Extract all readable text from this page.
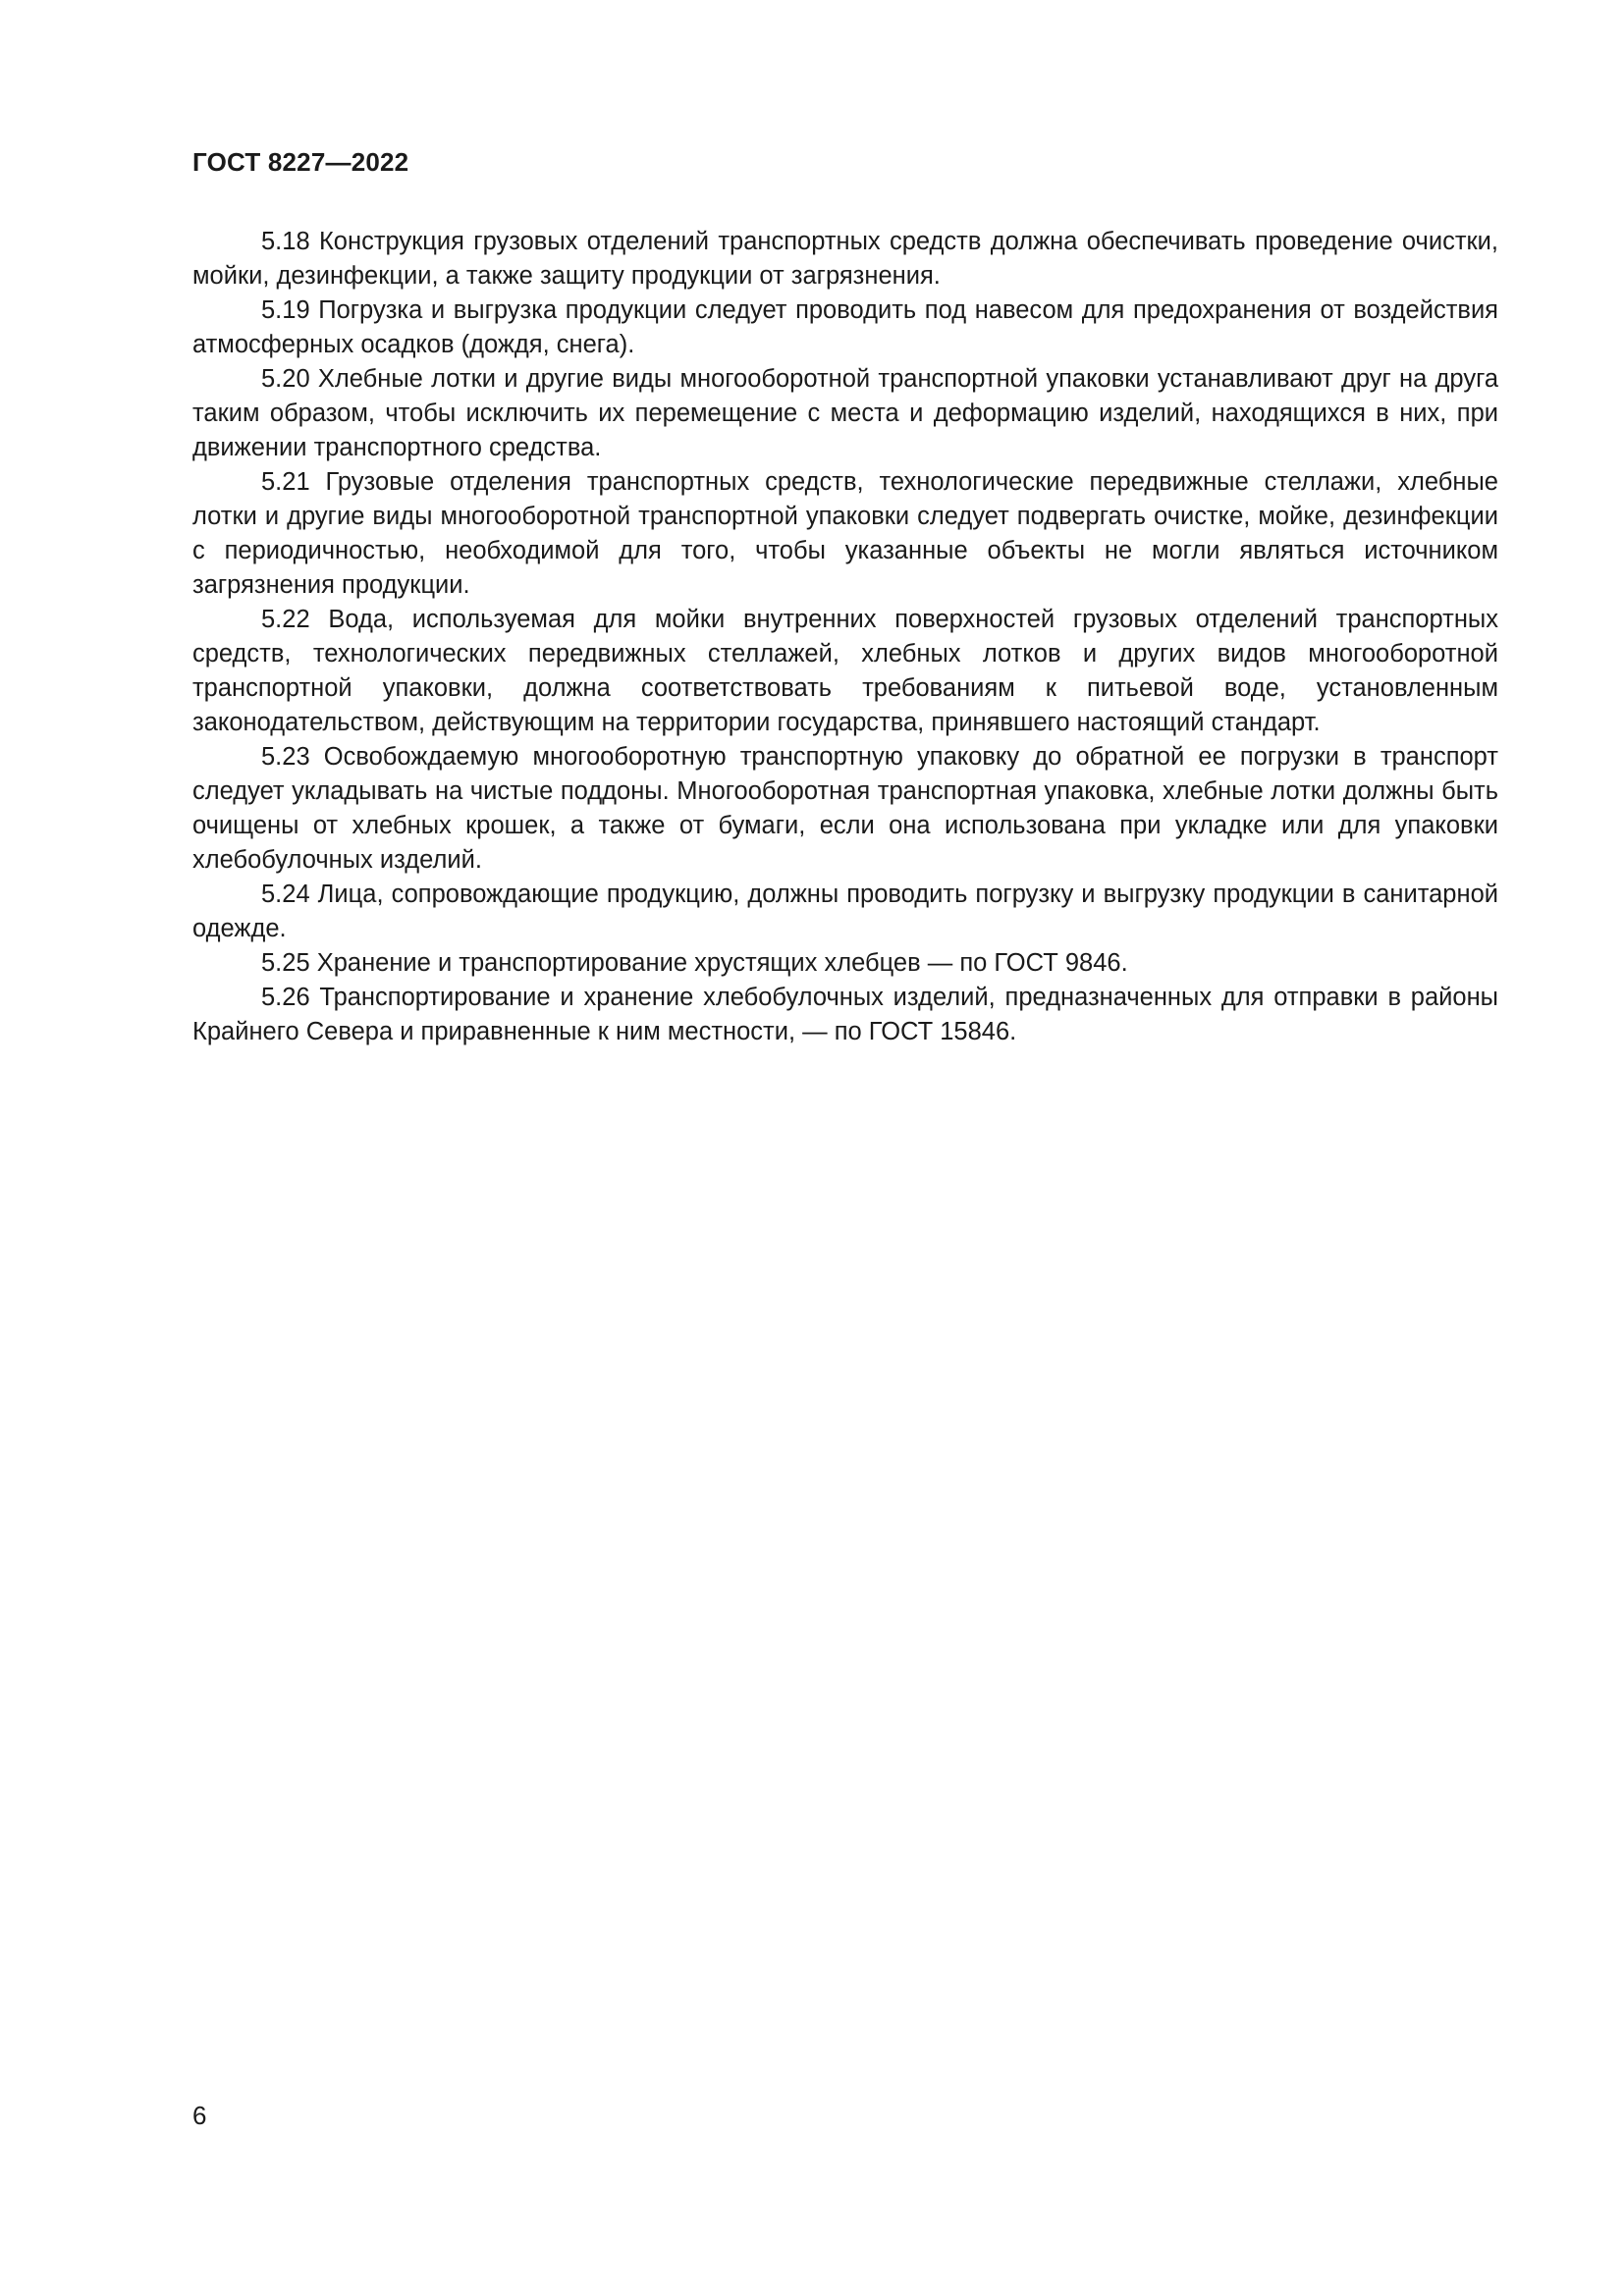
ГОСТ 8227—2022

5.18 Конструкция грузовых отделений транспортных средств должна обеспечивать проведение очистки, мойки, дезинфекции, а также защиту продукции от загрязнения.

5.19 Погрузка и выгрузка продукции следует проводить под навесом для предохранения от воздействия атмосферных осадков (дождя, снега).

5.20 Хлебные лотки и другие виды многооборотной транспортной упаковки устанавливают друг на друга таким образом, чтобы исключить их перемещение с места и деформацию изделий, находящихся в них, при движении транспортного средства.

5.21 Грузовые отделения транспортных средств, технологические передвижные стеллажи, хлебные лотки и другие виды многооборотной транспортной упаковки следует подвергать очистке, мойке, дезинфекции с периодичностью, необходимой для того, чтобы указанные объекты не могли являться источником загрязнения продукции.

5.22 Вода, используемая для мойки внутренних поверхностей грузовых отделений транспортных средств, технологических передвижных стеллажей, хлебных лотков и других видов многооборотной транспортной упаковки, должна соответствовать требованиям к питьевой воде, установленным законодательством, действующим на территории государства, принявшего настоящий стандарт.

5.23 Освобождаемую многооборотную транспортную упаковку до обратной ее погрузки в транспорт следует укладывать на чистые поддоны. Многооборотная транспортная упаковка, хлебные лотки должны быть очищены от хлебных крошек, а также от бумаги, если она использована при укладке или для упаковки хлебобулочных изделий.

5.24 Лица, сопровождающие продукцию, должны проводить погрузку и выгрузку продукции в санитарной одежде.

5.25 Хранение и транспортирование хрустящих хлебцев — по ГОСТ 9846.

5.26 Транспортирование и хранение хлебобулочных изделий, предназначенных для отправки в районы Крайнего Севера и приравненные к ним местности, — по ГОСТ 15846.

6
